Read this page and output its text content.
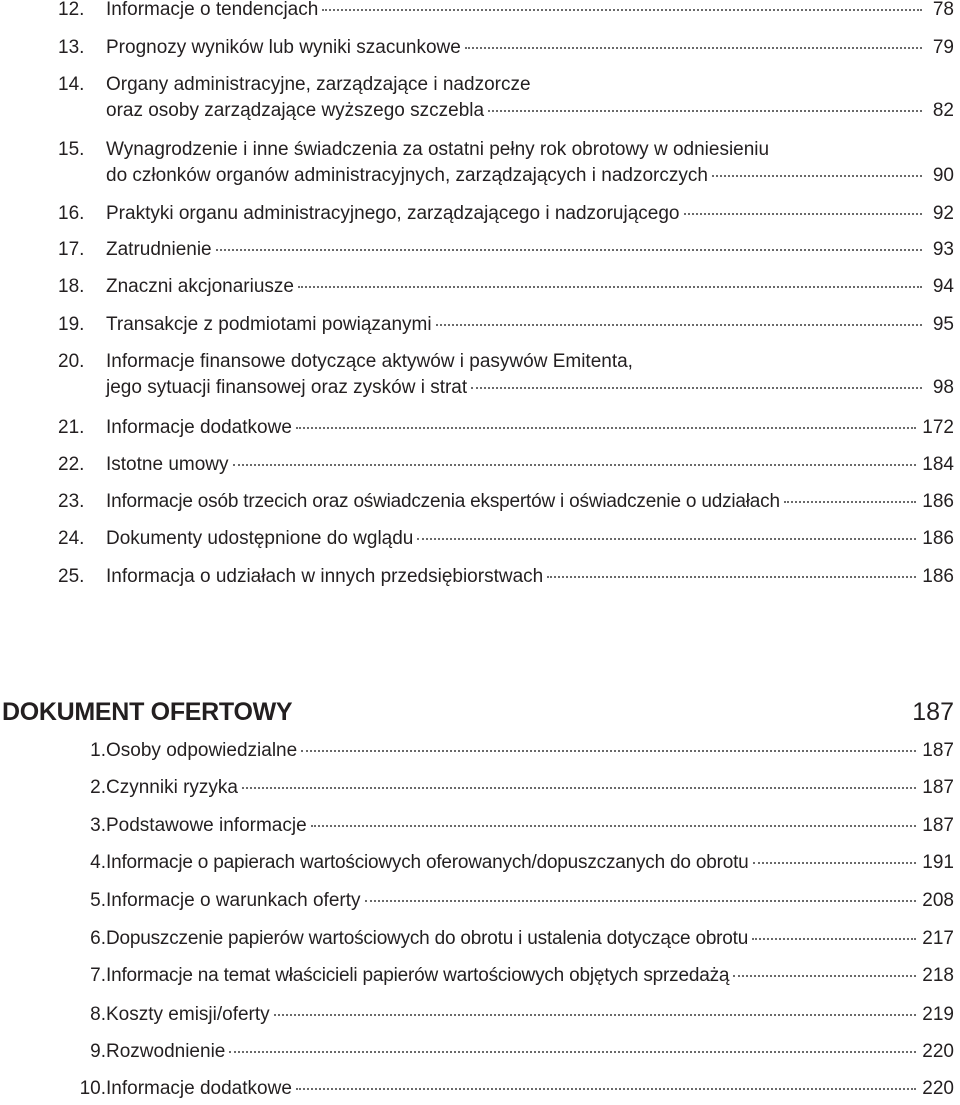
12.	Informacje o tendencjach	78
13.	Prognozy wyników lub wyniki szacunkowe	79
14.	Organy administracyjne, zarządzające i nadzorcze
oraz osoby zarządzające wyższego szczebla	82
15.	Wynagrodzenie i inne świadczenia za ostatni pełny rok obrotowy w odniesieniu
do członków organów administracyjnych, zarządzających i nadzorczych	90
16.	Praktyki organu administracyjnego, zarządzającego i nadzorującego	92
17.	Zatrudnienie	93
18.	Znaczni akcjonariusze	94
19.	Transakcje z podmiotami powiązanymi	95
20.	Informacje finansowe dotyczące aktywów i pasywów Emitenta,
jego sytuacji finansowej oraz zysków i strat	98
21.	Informacje dodatkowe	172
22.	Istotne umowy	184
23.	Informacje osób trzecich oraz oświadczenia ekspertów i oświadczenie o udziałach	186
24.	Dokumenty udostępnione do wglądu	186
25.	Informacja o udziałach w innych przedsiębiorstwach	186
DOKUMENT OFERTOWY	187
1. Osoby odpowiedzialne	187
2. Czynniki ryzyka	187
3. Podstawowe informacje	187
4. Informacje o papierach wartościowych oferowanych/dopuszczanych do obrotu	191
5. Informacje o warunkach oferty	208
6. Dopuszczenie papierów wartościowych do obrotu i ustalenia dotyczące obrotu	217
7. Informacje na temat właścicieli papierów wartościowych objętych sprzedażą	218
8. Koszty emisji/oferty	219
9. Rozwodnienie	220
10. Informacje dodatkowe	220
